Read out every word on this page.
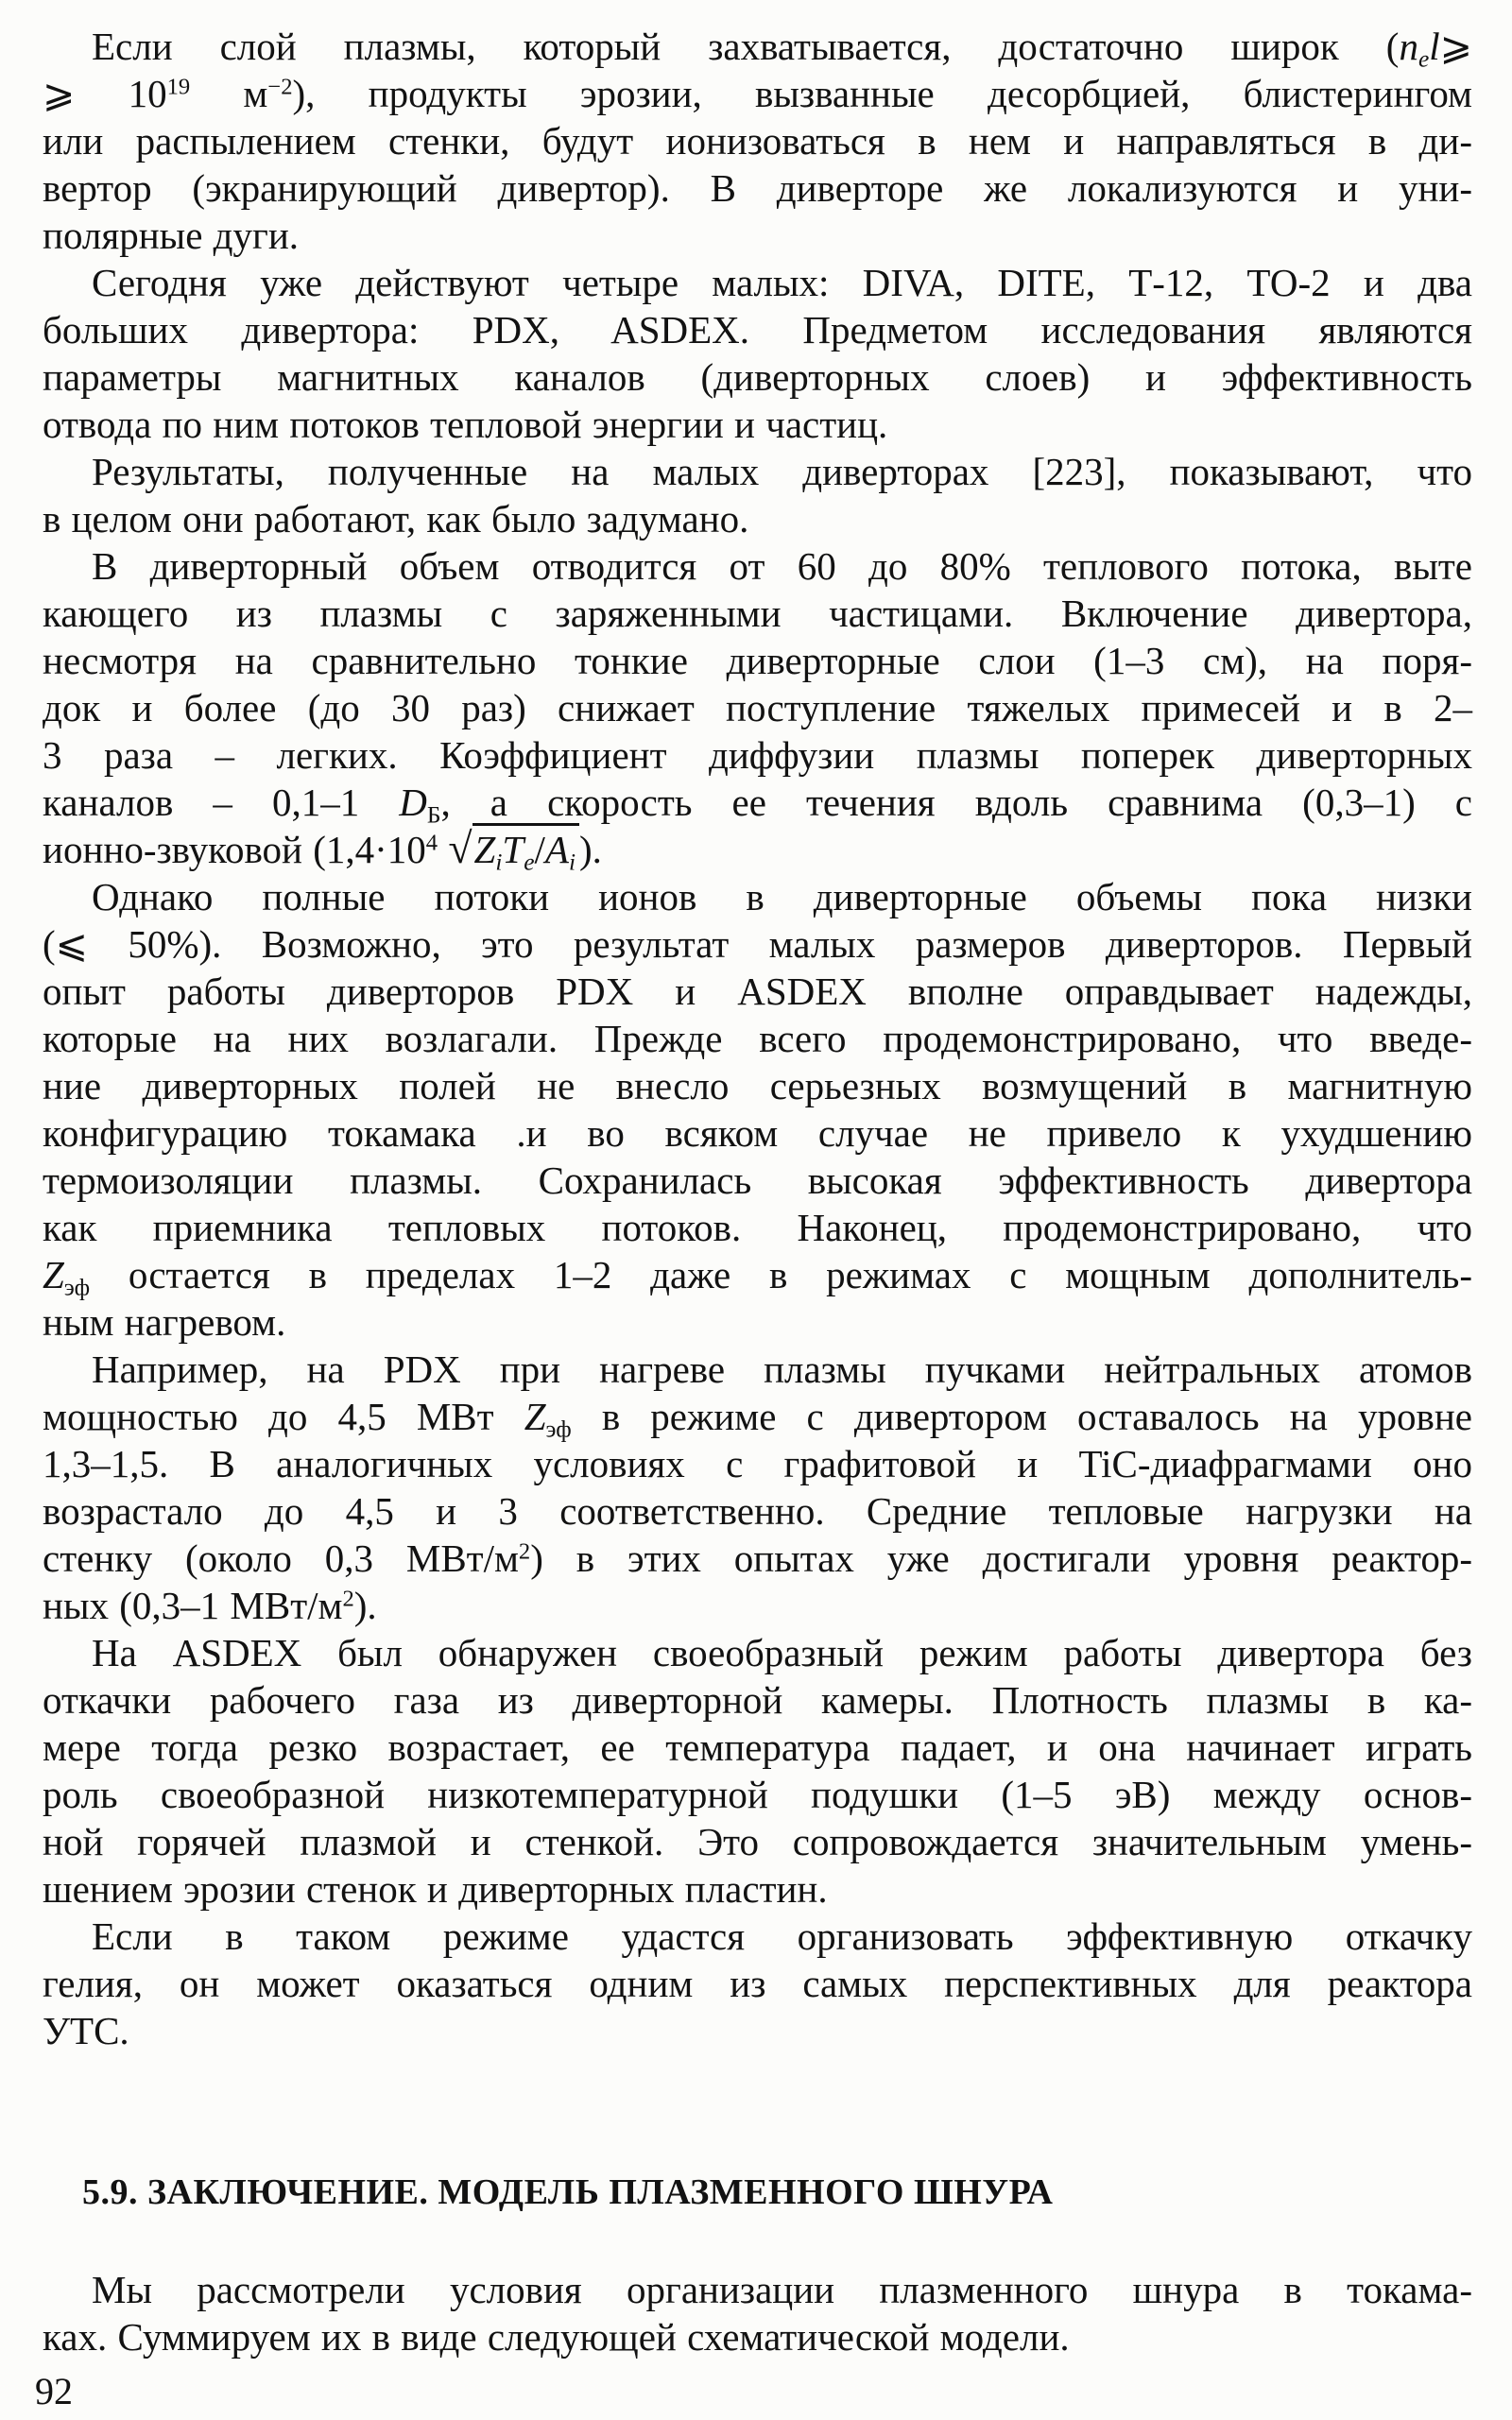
Если слой плазмы, который захватывается, достаточно широк ($n_el⩾$
⩾ $10^{19}$ $м^{-2}$), продукты эрозии, вызванные десорбцией, блистерингом
или распылением стенки, будут ионизоваться в нем и направляться в ди-
вертор (экранирующий дивертор). В диверторе же локализуются и уни-
полярные дуги.
Сегодня уже действуют четыре малых: DIVA, DITE, Т-12, ТО-2 и два
больших дивертора: PDX, ASDEX. Предметом исследования являются
параметры магнитных каналов (диверторных слоев) и эффективность
отвода по ним потоков тепловой энергии и частиц.
Результаты, полученные на малых диверторах [223], показывают, что
в целом они работают, как было задумано.
В диверторный объем отводится от 60 до 80% теплового потока, выте
кающего из плазмы с заряженными частицами. Включение дивертора,
несмотря на сравнительно тонкие диверторные слои (1–3 см), на поря-
док и более (до 30 раз) снижает поступление тяжелых примесей и в 2–
3 раза – легких. Коэффициент диффузии плазмы поперек диверторных
каналов – 0,1–1 $D_Б$, а скорость ее течения вдоль сравнима (0,3–1) с
ионно-звуковой ($1,4\cdot 10^4$ $√Z_iT_e/A_i$).
Однако полные потоки ионов в диверторные объемы пока низки
(⩽ 50%). Возможно, это результат малых размеров диверторов. Первый
опыт работы диверторов PDX и ASDEX вполне оправдывает надежды,
которые на них возлагали. Прежде всего продемонстрировано, что введе-
ние диверторных полей не внесло серьезных возмущений в магнитную
конфигурацию токамака .и во всяком случае не привело к ухудшению
термоизоляции плазмы. Сохранилась высокая эффективность дивертора
как приемника тепловых потоков. Наконец, продемонстрировано, что
$Z_{эф}$ остается в пределах 1–2 даже в режимах с мощным дополнитель-
ным нагревом.
Например, на PDX при нагреве плазмы пучками нейтральных атомов
мощностью до 4,5 МВт $Z_{эф}$ в режиме с дивертором оставалось на уровне
1,3–1,5. В аналогичных условиях с графитовой и TiC-диафрагмами оно
возрастало до 4,5 и 3 соответственно. Средние тепловые нагрузки на
стенку (около 0,3 МВт/$м^2$) в этих опытах уже достигали уровня реактор-
ных (0,3–1 МВт/$м^2$).
На ASDEX был обнаружен своеобразный режим работы дивертора без
откачки рабочего газа из диверторной камеры. Плотность плазмы в ка-
мере тогда резко возрастает, ее температура падает, и она начинает играть
роль своеобразной низкотемпературной подушки (1–5 эВ) между основ-
ной горячей плазмой и стенкой. Это сопровождается значительным умень-
шением эрозии стенок и диверторных пластин.
Если в таком режиме удастся организовать эффективную откачку
гелия, он может оказаться одним из самых перспективных для реактора
УТС.
5.9. ЗАКЛЮЧЕНИЕ. МОДЕЛЬ ПЛАЗМЕННОГО ШНУРА
Мы рассмотрели условия организации плазменного шнура в токама-
ках. Суммируем их в виде следующей схематической модели.
92
